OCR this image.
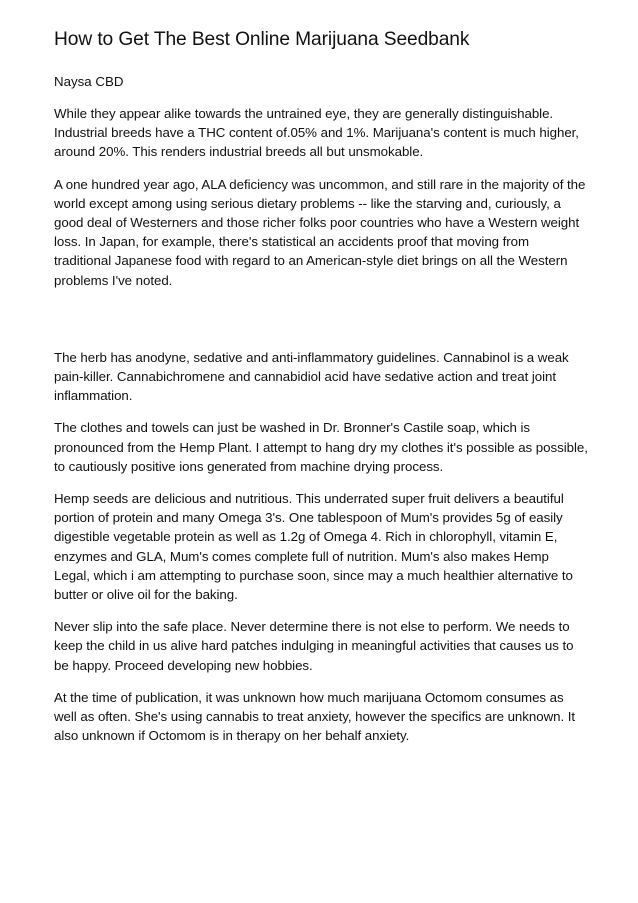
How to Get The Best Online Marijuana Seedbank
Naysa CBD

While they appear alike towards the untrained eye, they are generally distinguishable. Industrial breeds have a THC content of.05% and 1%. Marijuana's content is much higher, around 20%. This renders industrial breeds all but unsmokable.

A one hundred year ago, ALA deficiency was uncommon, and still rare in the majority of the world except among using serious dietary problems -- like the starving and, curiously, a good deal of Westerners and those richer folks poor countries who have a Western weight loss. In Japan, for example, there's statistical an accidents proof that moving from traditional Japanese food with regard to an American-style diet brings on all the Western problems I've noted.

The herb has anodyne, sedative and anti-inflammatory guidelines. Cannabinol is a weak pain-killer. Cannabichromene and cannabidiol acid have sedative action and treat joint inflammation.

The clothes and towels can just be washed in Dr. Bronner's Castile soap, which is pronounced from the Hemp Plant. I attempt to hang dry my clothes it's possible as possible, to cautiously positive ions generated from machine drying process.

Hemp seeds are delicious and nutritious. This underrated super fruit delivers a beautiful portion of protein and many Omega 3's. One tablespoon of Mum's provides 5g of easily digestible vegetable protein as well as 1.2g of Omega 4. Rich in chlorophyll, vitamin E, enzymes and GLA, Mum's comes complete full of nutrition. Mum's also makes Hemp Legal, which i am attempting to purchase soon, since may a much healthier alternative to butter or olive oil for the baking.

Never slip into the safe place. Never determine there is not else to perform. We needs to keep the child in us alive hard patches indulging in meaningful activities that causes us to be happy. Proceed developing new hobbies.

At the time of publication, it was unknown how much marijuana Octomom consumes as well as often. She's using cannabis to treat anxiety, however the specifics are unknown. It also unknown if Octomom is in therapy on her behalf anxiety.
